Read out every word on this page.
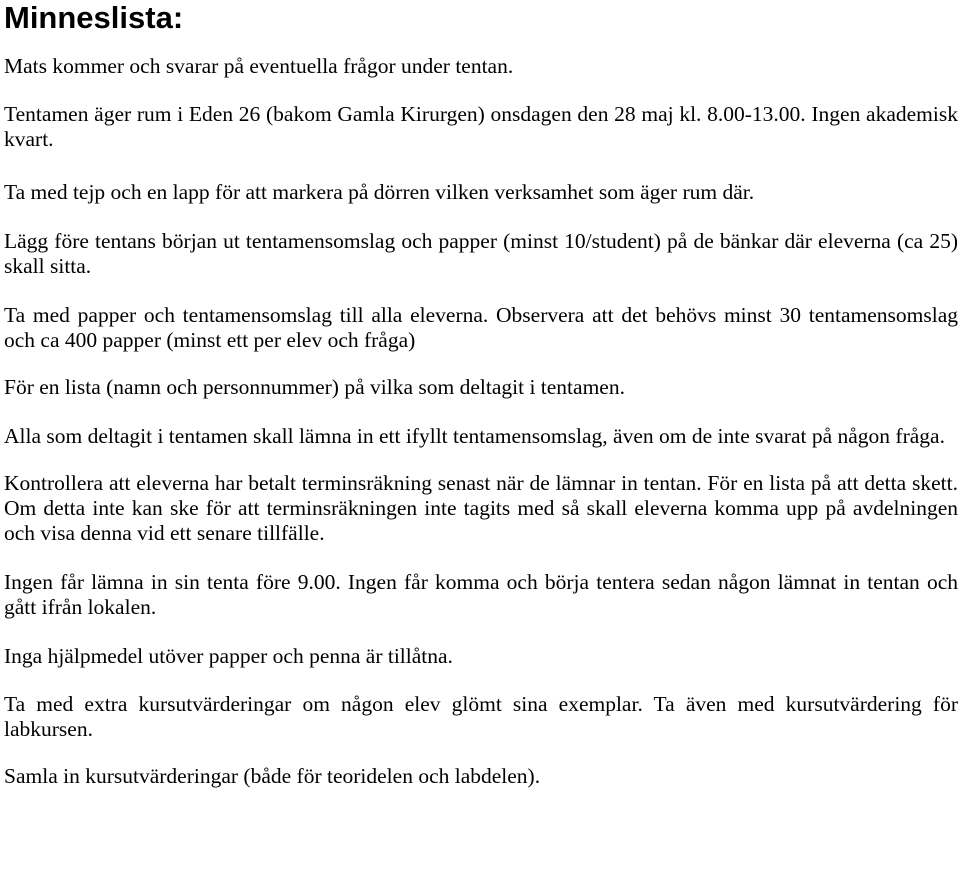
Minneslista:

Mats kommer och svarar på eventuella frågor under tentan.

Tentamen äger rum i Eden 26 (bakom Gamla Kirurgen) onsdagen den 28 maj kl. 8.00-13.00. Ingen akademisk kvart.

Ta med tejp och en lapp för att markera på dörren vilken verksamhet som äger rum där.

Lägg före tentans början ut tentamensomslag och papper (minst 10/student) på de bänkar där eleverna (ca 25) skall sitta.

Ta med papper och tentamensomslag till alla eleverna. Observera att det behövs minst 30 tentamensomslag och ca 400 papper (minst ett per elev och fråga)

För en lista (namn och personnummer) på vilka som deltagit i tentamen.

Alla som deltagit i tentamen skall lämna in ett ifyllt tentamensomslag, även om de inte svarat på någon fråga.

Kontrollera att eleverna har betalt terminsräkning senast när de lämnar in tentan. För en lista på att detta skett. Om detta inte kan ske för att terminsräkningen inte tagits med så skall eleverna komma upp på avdelningen och visa denna vid ett senare tillfälle.

Ingen får lämna in sin tenta före 9.00. Ingen får komma och börja tentera sedan någon lämnat in tentan och gått ifrån lokalen.

Inga hjälpmedel utöver papper och penna är tillåtna.

Ta med extra kursutvärderingar om någon elev glömt sina exemplar. Ta även med kursutvärdering för labkursen.

Samla in kursutvärderingar (både för teoridelen och labdelen).
